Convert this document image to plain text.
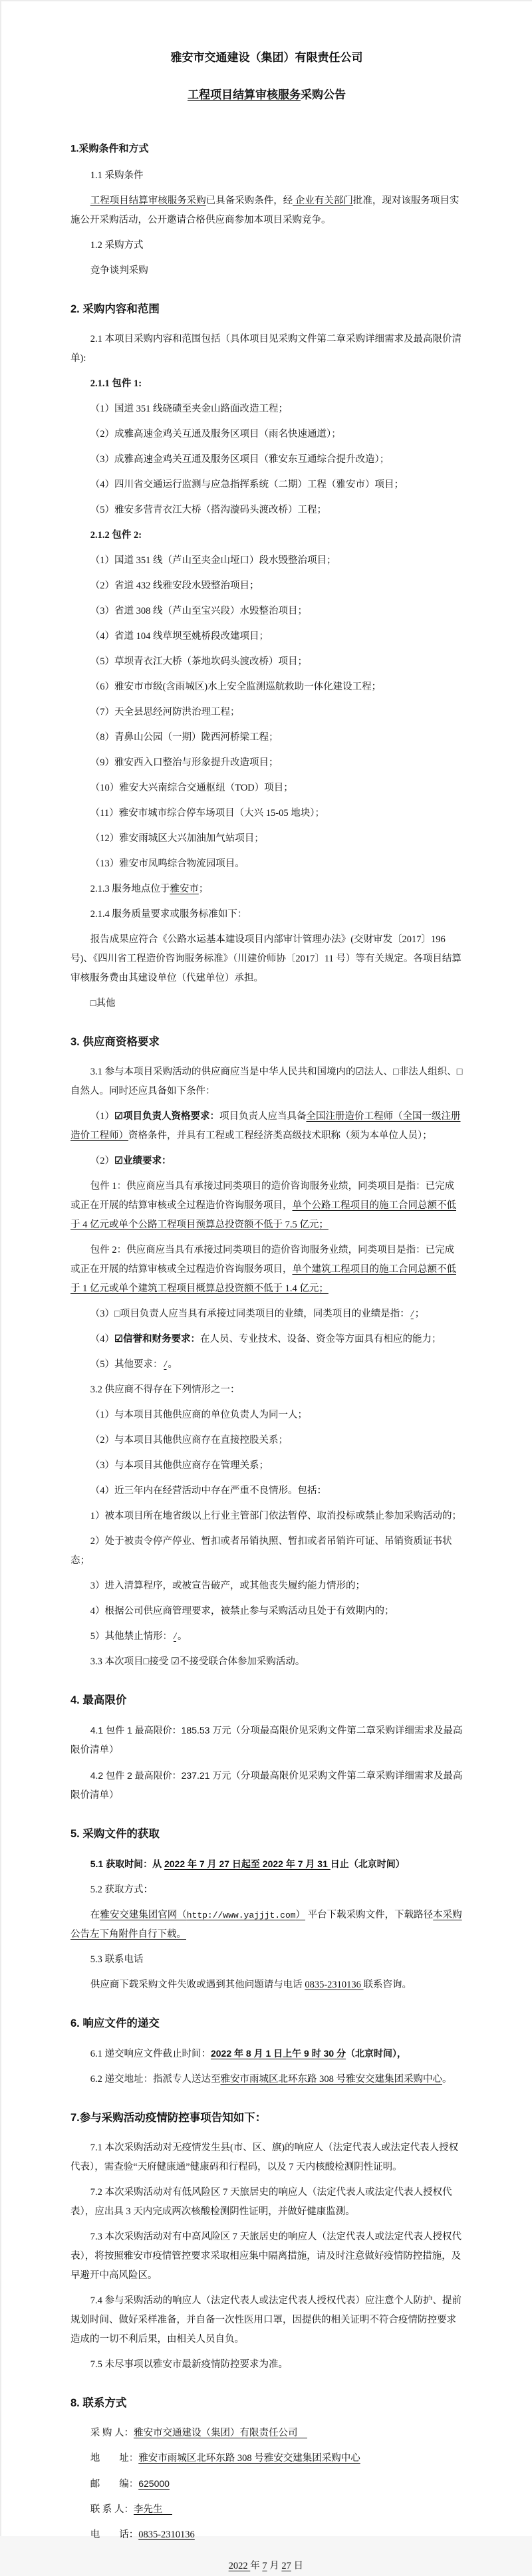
雅安市交通建设（集团）有限责任公司
工程项目结算审核服务采购公告
1.采购条件和方式
1.1 采购条件
工程项目结算审核服务采购已具备采购条件，经 企业有关部门批准，现对该服务项目实施公开采购活动，公开邀请合格供应商参加本项目采购竞争。
1.2 采购方式
竞争谈判采购
2. 采购内容和范围
2.1 本项目采购内容和范围包括（具体项目见采购文件第二章采购详细需求及最高限价清单):
2.1.1 包件 1:
（1）国道 351 线硗碛至夹金山路面改造工程；
（2）成雅高速金鸡关互通及服务区项目（雨名快速通道）；
（3）成雅高速金鸡关互通及服务区项目（雅安东互通综合提升改造）；
（4）四川省交通运行监测与应急指挥系统（二期）工程（雅安市）项目；
（5）雅安多营青衣江大桥（搭沟漩码头渡改桥）工程；
2.1.2 包件 2:
（1）国道 351 线（芦山至夹金山垭口）段水毁整治项目；
（2）省道 432 线雅安段水毁整治项目；
（3）省道 308 线（芦山至宝兴段）水毁整治项目；
（4）省道 104 线草坝至姚桥段改建项目；
（5）草坝青衣江大桥（茶地坎码头渡改桥）项目；
（6）雅安市市级(含雨城区)水上安全监测巡航救助一体化建设工程；
（7）天全县思经河防洪治理工程；
（8）青鼻山公园（一期）陇西河桥梁工程；
（9）雅安西入口整治与形象提升改造项目；
（10）雅安大兴南综合交通枢纽（TOD）项目；
（11）雅安市城市综合停车场项目（大兴 15-05 地块）；
（12）雅安雨城区大兴加油加气站项目；
（13）雅安市凤鸣综合物流园项目。
2.1.3 服务地点位于雅安市；
2.1.4 服务质量要求或服务标准如下：
报告成果应符合《公路水运基本建设项目内部审计管理办法》(交财审发〔2017〕196 号)、《四川省工程造价咨询服务标准》（川建价师协〔2017〕11 号）等有关规定。各项目结算审核服务费由其建设单位（代建单位）承担。
□其他
3. 供应商资格要求
3.1 参与本项目采购活动的供应商应当是中华人民共和国境内的☑法人、□非法人组织、□自然人。同时还应具备如下条件：
（1）☑项目负责人资格要求：项目负责人应当具备全国注册造价工程师（全国一级注册造价工程师）资格条件，并具有工程或工程经济类高级技术职称（须为本单位人员）；
（2）☑业绩要求：
包件 1：供应商应当具有承接过同类项目的造价咨询服务业绩，同类项目是指：已完成或正在开展的结算审核或全过程造价咨询服务项目，单个公路工程项目的施工合同总额不低于 4 亿元或单个公路工程项目预算总投资额不低于 7.5 亿元；
包件 2：供应商应当具有承接过同类项目的造价咨询服务业绩，同类项目是指：已完成或正在开展的结算审核或全过程造价咨询服务项目，单个建筑工程项目的施工合同总额不低于 1 亿元或单个建筑工程项目概算总投资额不低于 1.4 亿元；
（3）□项目负责人应当具有承接过同类项目的业绩，同类项目的业绩是指： / ；
（4）☑信誉和财务要求：在人员、专业技术、设备、资金等方面具有相应的能力；
（5）其他要求： / 。
3.2 供应商不得存在下列情形之一：
（1）与本项目其他供应商的单位负责人为同一人；
（2）与本项目其他供应商存在直接控股关系；
（3）与本项目其他供应商存在管理关系；
（4）近三年内在经营活动中存在严重不良情形。包括：
1）被本项目所在地省级以上行业主管部门依法暂停、取消投标或禁止参加采购活动的；
2）处于被责令停产停业、暂扣或者吊销执照、暂扣或者吊销许可证、吊销资质证书状态；
3）进入清算程序，或被宣告破产，或其他丧失履约能力情形的；
4）根据公司供应商管理要求，被禁止参与采购活动且处于有效期内的；
5）其他禁止情形： / 。
3.3 本次项目□接受 ☑不接受联合体参加采购活动。
4. 最高限价
4.1 包件 1 最高限价：185.53 万元（分项最高限价见采购文件第二章采购详细需求及最高限价清单）
4.2 包件 2 最高限价：237.21 万元（分项最高限价见采购文件第二章采购详细需求及最高限价清单）
5. 采购文件的获取
5.1 获取时间：从 2022 年 7 月 27 日起至 2022 年 7 月 31 日止（北京时间）
5.2 获取方式：
在雅安交建集团官网（http://www.yajjjt.com） 平台下载采购文件，下载路径本采购公告左下角附件自行下载。
5.3 联系电话
供应商下载采购文件失败或遇到其他问题请与电话 0835-2310136 联系咨询。
6. 响应文件的递交
6.1 递交响应文件截止时间：2022 年 8 月 1 日上午 9 时 30 分（北京时间），
6.2 递交地址：指派专人送达至雅安市雨城区北环东路 308 号雅安交建集团采购中心。
7.参与采购活动疫情防控事项告知如下：
7.1 本次采购活动对无疫情发生县(市、区、旗)的响应人（法定代表人或法定代表人授权代表），需查验“天府健康通”健康码和行程码，以及 7 天内核酸检测阴性证明。
7.2 本次采购活动对有低风险区 7 天旅居史的响应人（法定代表人或法定代表人授权代表），应出具 3 天内完成两次核酸检测阴性证明，并做好健康监测。
7.3 本次采购活动对有中高风险区 7 天旅居史的响应人（法定代表人或法定代表人授权代表），将按照雅安市疫情管控要求采取相应集中隔离措施，请及时注意做好疫情防控措施，及早避开中高风险区。
7.4 参与采购活动的响应人（法定代表人或法定代表人授权代表）应注意个人防护、提前规划时间、做好采样准备，并自备一次性医用口罩，因提供的相关证明不符合疫情防控要求造成的一切不利后果，由相关人员自负。
7.5 未尽事项以雅安市最新疫情防控要求为准。
8. 联系方式
采 购 人：雅安市交通建设（集团）有限责任公司　
地　　址：雅安市雨城区北环东路 308 号雅安交建集团采购中心
邮　　编：625000
联 系 人：李先生　
电　　话：0835-2310136
2022 年 7 月 27 日
